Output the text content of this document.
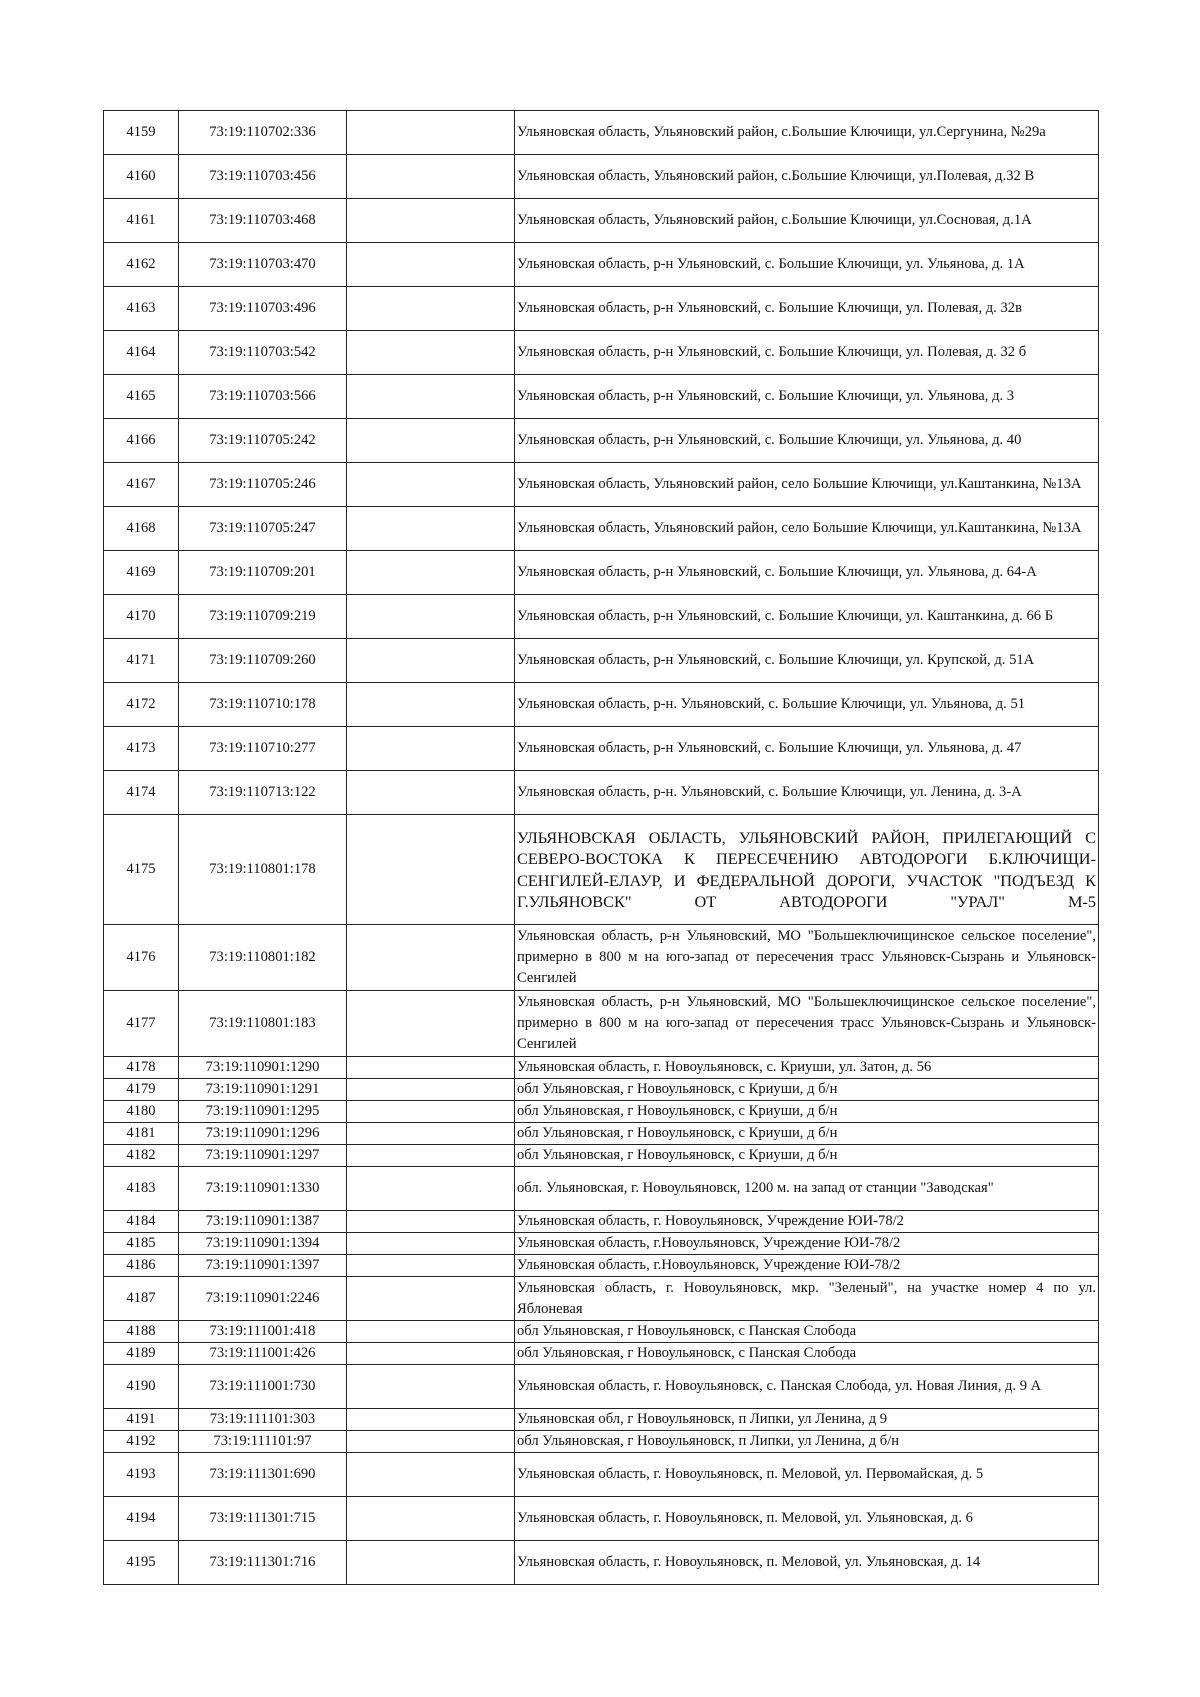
4159	73:19:110702:336		Ульяновская область, Ульяновский район, с.Большие Ключищи, ул.Сергунина, №29а
4160	73:19:110703:456		Ульяновская область, Ульяновский район, с.Большие Ключищи, ул.Полевая, д.32 В
4161	73:19:110703:468		Ульяновская область, Ульяновский район, с.Большие Ключищи, ул.Сосновая, д.1А
4162	73:19:110703:470		Ульяновская область, р-н Ульяновский, с. Большие Ключищи, ул. Ульянова, д. 1А
4163	73:19:110703:496		Ульяновская область, р-н Ульяновский, с. Большие Ключищи, ул. Полевая, д. 32в
4164	73:19:110703:542		Ульяновская область, р-н Ульяновский, с. Большие Ключищи, ул. Полевая, д. 32 б
4165	73:19:110703:566		Ульяновская область, р-н Ульяновский, с. Большие Ключищи, ул. Ульянова, д. 3
4166	73:19:110705:242		Ульяновская область, р-н Ульяновский, с. Большие Ключищи, ул. Ульянова, д. 40
4167	73:19:110705:246		Ульяновская область, Ульяновский район, село Большие Ключищи, ул.Каштанкина, №13А
4168	73:19:110705:247		Ульяновская область, Ульяновский район, село Большие Ключищи, ул.Каштанкина, №13А
4169	73:19:110709:201		Ульяновская область, р-н Ульяновский, с. Большие Ключищи, ул. Ульянова, д. 64-А
4170	73:19:110709:219		Ульяновская область, р-н Ульяновский, с. Большие Ключищи, ул. Каштанкина, д. 66 Б
4171	73:19:110709:260		Ульяновская область, р-н Ульяновский, с. Большие Ключищи, ул. Крупской, д. 51А
4172	73:19:110710:178		Ульяновская область, р-н. Ульяновский, с. Большие Ключищи, ул. Ульянова, д. 51
4173	73:19:110710:277		Ульяновская область, р-н Ульяновский, с. Большие Ключищи, ул. Ульянова, д. 47
4174	73:19:110713:122		Ульяновская область, р-н. Ульяновский, с. Большие Ключищи, ул. Ленина, д. 3-А
4175	73:19:110801:178		УЛЬЯНОВСКАЯ ОБЛАСТЬ, УЛЬЯНОВСКИЙ РАЙОН, ПРИЛЕГАЮЩИЙ С СЕВЕРО-ВОСТОКА К ПЕРЕСЕЧЕНИЮ АВТОДОРОГИ Б.КЛЮЧИЩИ-СЕНГИЛЕЙ-ЕЛАУР, И ФЕДЕРАЛЬНОЙ ДОРОГИ, УЧАСТОК "ПОДЪЕЗД К Г.УЛЬЯНОВСК" ОТ АВТОДОРОГИ "УРАЛ" М-5
4176	73:19:110801:182		Ульяновская область, р-н Ульяновский, МО "Большеключищинское сельское поселение", примерно в 800 м на юго-запад от пересечения трасс Ульяновск-Сызрань и Ульяновск-Сенгилей
4177	73:19:110801:183		Ульяновская область, р-н Ульяновский, МО "Большеключищинское сельское поселение", примерно в 800 м на юго-запад от пересечения трасс Ульяновск-Сызрань и Ульяновск-Сенгилей
4178	73:19:110901:1290		Ульяновская область, г. Новоульяновск, с. Криуши, ул. Затон, д. 56
4179	73:19:110901:1291		обл Ульяновская, г Новоульяновск, с Криуши, д б/н
4180	73:19:110901:1295		обл Ульяновская, г Новоульяновск, с Криуши, д б/н
4181	73:19:110901:1296		обл Ульяновская, г Новоульяновск, с Криуши, д б/н
4182	73:19:110901:1297		обл Ульяновская, г Новоульяновск, с Криуши, д б/н
4183	73:19:110901:1330		обл. Ульяновская, г. Новоульяновск, 1200 м. на запад от станции "Заводская"
4184	73:19:110901:1387		Ульяновская область, г. Новоульяновск, Учреждение ЮИ-78/2
4185	73:19:110901:1394		Ульяновская область, г.Новоульяновск, Учреждение ЮИ-78/2
4186	73:19:110901:1397		Ульяновская область, г.Новоульяновск, Учреждение ЮИ-78/2
4187	73:19:110901:2246		Ульяновская область, г. Новоульяновск, мкр. "Зеленый", на участке номер 4 по ул. Яблоневая
4188	73:19:111001:418		обл Ульяновская, г Новоульяновск, с Панская Слобода
4189	73:19:111001:426		обл Ульяновская, г Новоульяновск, с Панская Слобода
4190	73:19:111001:730		Ульяновская область, г. Новоульяновск, с. Панская Слобода, ул. Новая Линия, д. 9 А
4191	73:19:111101:303		Ульяновская обл, г Новоульяновск, п Липки, ул Ленина, д 9
4192	73:19:111101:97		обл Ульяновская, г Новоульяновск, п Липки, ул Ленина, д б/н
4193	73:19:111301:690		Ульяновская область, г. Новоульяновск, п. Меловой, ул. Первомайская, д. 5
4194	73:19:111301:715		Ульяновская область, г. Новоульяновск, п. Меловой, ул. Ульяновская, д. 6
4195	73:19:111301:716		Ульяновская область, г. Новоульяновск, п. Меловой, ул. Ульяновская, д. 14
